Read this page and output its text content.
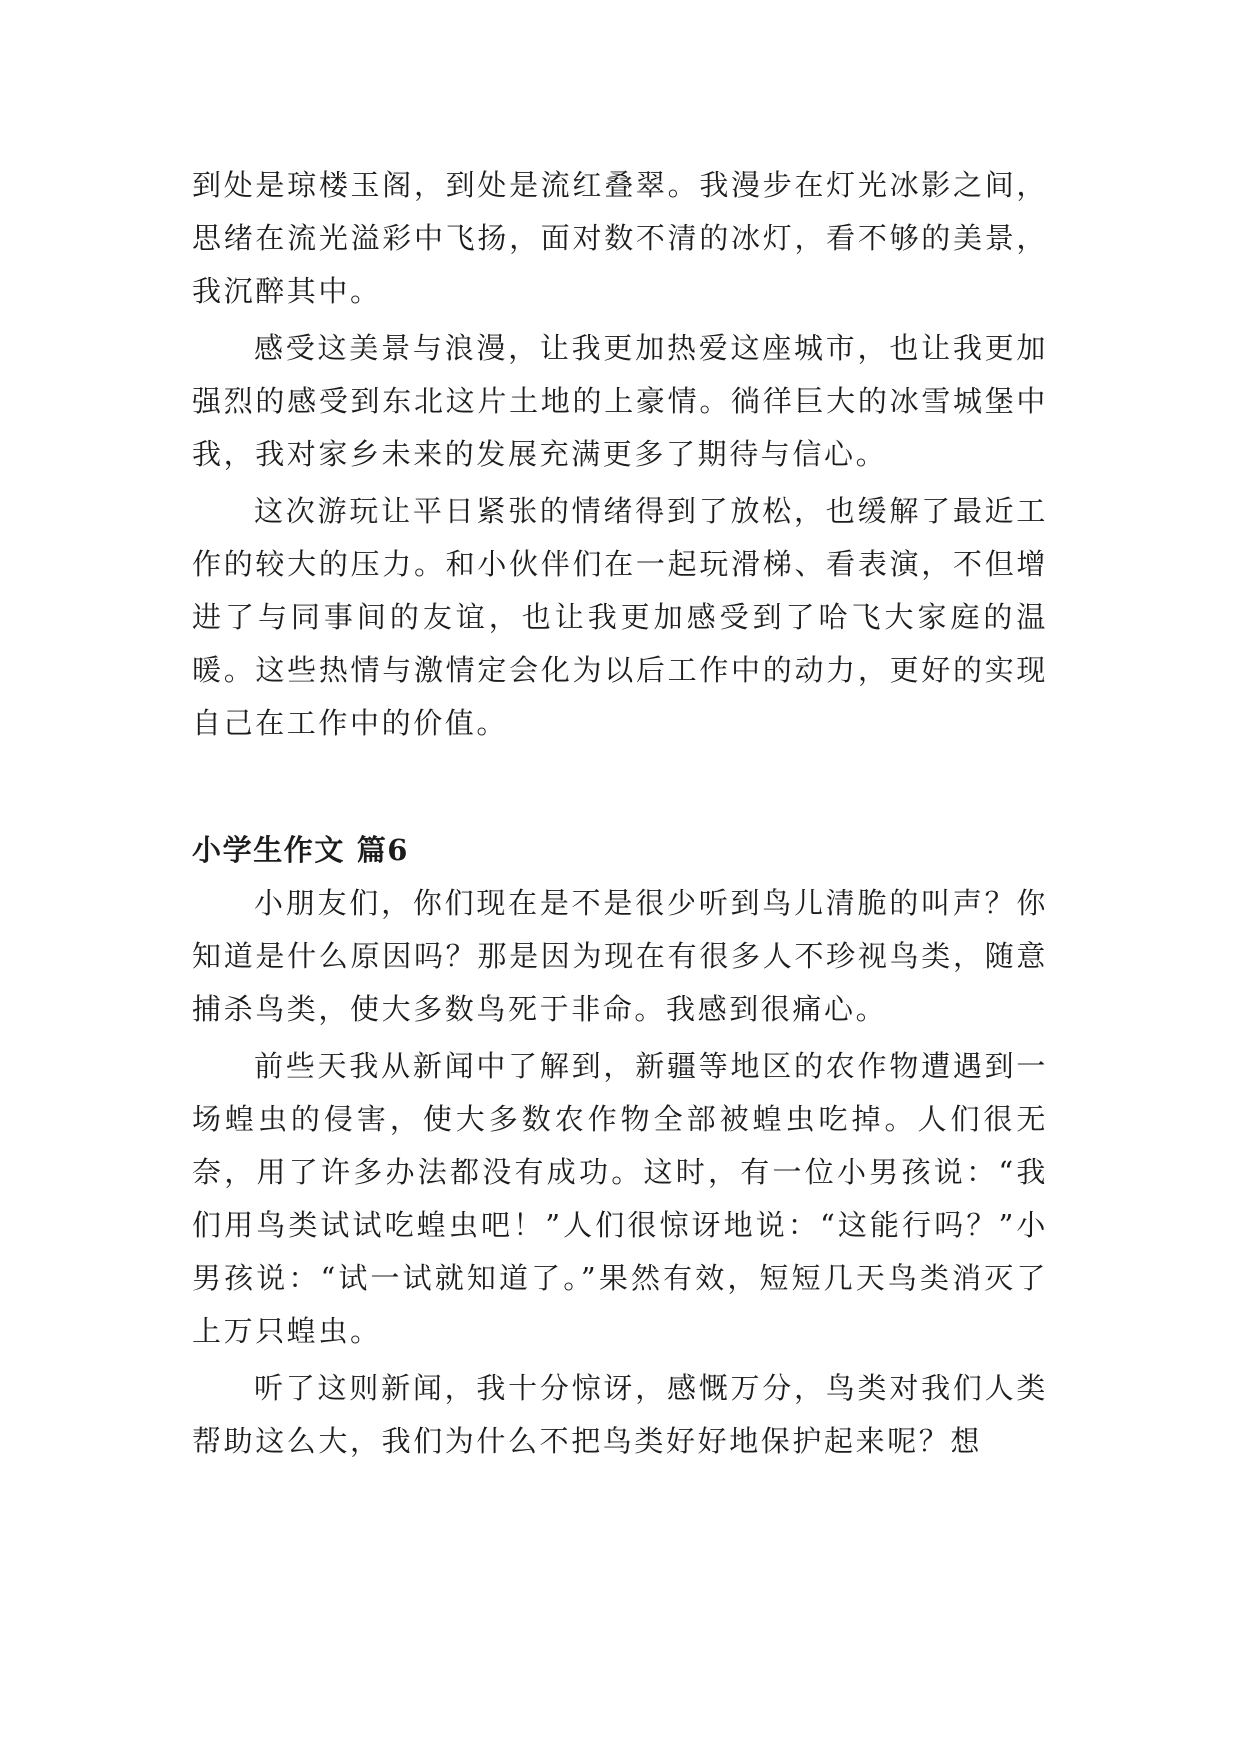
到处是琼楼玉阁，到处是流红叠翠。我漫步在灯光冰影之间，思绪在流光溢彩中飞扬，面对数不清的冰灯，看不够的美景，我沉醉其中。

感受这美景与浪漫，让我更加热爱这座城市，也让我更加强烈的感受到东北这片土地的上豪情。徜徉巨大的冰雪城堡中我，我对家乡未来的发展充满更多了期待与信心。

这次游玩让平日紧张的情绪得到了放松，也缓解了最近工作的较大的压力。和小伙伴们在一起玩滑梯、看表演，不但增进了与同事间的友谊，也让我更加感受到了哈飞大家庭的温暖。这些热情与激情定会化为以后工作中的动力，更好的实现自己在工作中的价值。

小学生作文 篇6

小朋友们，你们现在是不是很少听到鸟儿清脆的叫声？你知道是什么原因吗？那是因为现在有很多人不珍视鸟类，随意捕杀鸟类，使大多数鸟死于非命。我感到很痛心。

前些天我从新闻中了解到，新疆等地区的农作物遭遇到一场蝗虫的侵害，使大多数农作物全部被蝗虫吃掉。人们很无奈，用了许多办法都没有成功。这时，有一位小男孩说：“我们用鸟类试试吃蝗虫吧！”人们很惊讶地说：“这能行吗？”小男孩说：“试一试就知道了。”果然有效，短短几天鸟类消灭了上万只蝗虫。

听了这则新闻，我十分惊讶，感慨万分，鸟类对我们人类帮助这么大，我们为什么不把鸟类好好地保护起来呢？想
